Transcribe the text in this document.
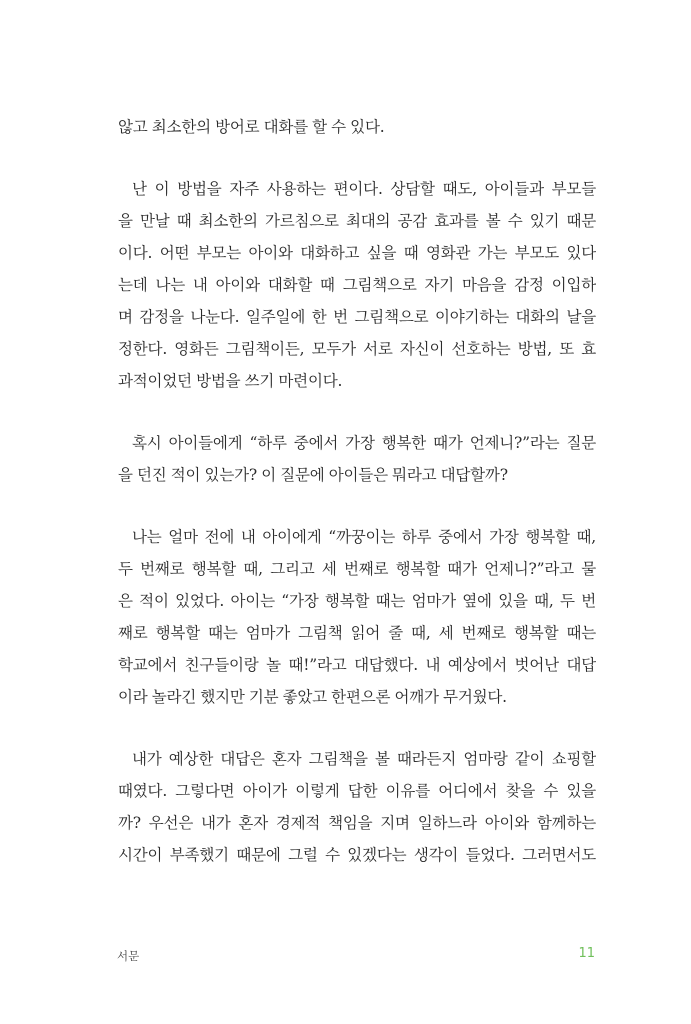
않고 최소한의 방어로 대화를 할 수 있다.
난 이 방법을 자주 사용하는 편이다. 상담할 때도, 아이들과 부모들
을 만날 때 최소한의 가르침으로 최대의 공감 효과를 볼 수 있기 때문
이다. 어떤 부모는 아이와 대화하고 싶을 때 영화관 가는 부모도 있다
는데 나는 내 아이와 대화할 때 그림책으로 자기 마음을 감정 이입하
며 감정을 나눈다. 일주일에 한 번 그림책으로 이야기하는 대화의 날을
정한다. 영화든 그림책이든, 모두가 서로 자신이 선호하는 방법, 또 효
과적이었던 방법을 쓰기 마련이다.
혹시 아이들에게 “하루 중에서 가장 행복한 때가 언제니?”라는 질문
을 던진 적이 있는가? 이 질문에 아이들은 뭐라고 대답할까?
나는 얼마 전에 내 아이에게 “까꿍이는 하루 중에서 가장 행복할 때,
두 번째로 행복할 때, 그리고 세 번째로 행복할 때가 언제니?”라고 물
은 적이 있었다. 아이는 “가장 행복할 때는 엄마가 옆에 있을 때, 두 번
째로 행복할 때는 엄마가 그림책 읽어 줄 때, 세 번째로 행복할 때는
학교에서 친구들이랑 놀 때!”라고 대답했다. 내 예상에서 벗어난 대답
이라 놀라긴 했지만 기분 좋았고 한편으론 어깨가 무거웠다.
내가 예상한 대답은 혼자 그림책을 볼 때라든지 엄마랑 같이 쇼핑할
때였다. 그렇다면 아이가 이렇게 답한 이유를 어디에서 찾을 수 있을
까? 우선은 내가 혼자 경제적 책임을 지며 일하느라 아이와 함께하는
시간이 부족했기 때문에 그럴 수 있겠다는 생각이 들었다. 그러면서도
서문	11
